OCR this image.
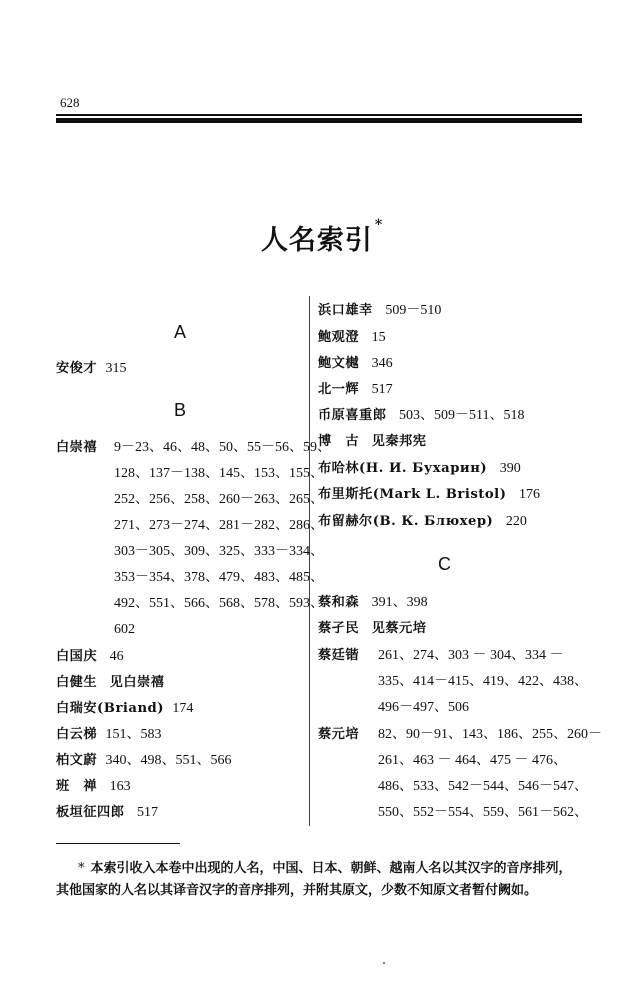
628
人名索引 *
A
安俊才 315
B
白崇禧 9－23、46、48、50、55－56、59、
128、137－138、145、153、155、
252、256、258、260－263、265、
271、273－274、281－282、286、
303－305、309、325、333－334、
353－354、378、479、483、485、
492、551、566、568、578、593、
602
白国庆 46
白健生 见白崇禧
白瑞安(Briand) 174
白云梯 151、583
柏文蔚 340、498、551、566
班　禅 163
板垣征四郎 517
浜口雄幸 509－510
鲍观澄 15
鲍文樾 346
北一辉 517
币原喜重郎 503、509－511、518
博　古 见秦邦宪
布哈林(Н. И. Бухарин) 390
布里斯托(Mark L. Bristol) 176
布留赫尔(В. К. Блюхер) 220
C
蔡和森 391、398
蔡孑民 见蔡元培
蔡廷锴 261、274、303 － 304、334 －
335、414－415、419、422、438、
496－497、506
蔡元培 82、90－91、143、186、255、260－
261、463 － 464、475 － 476、
486、533、542－544、546－547、
550、552－554、559、561－562、
* 本索引收入本卷中出现的人名，中国、日本、朝鲜、越南人名以其汉字的音序排列，其他国家的人名以其译音汉字的音序排列，并附其原文，少数不知原文者暂付阙如。
